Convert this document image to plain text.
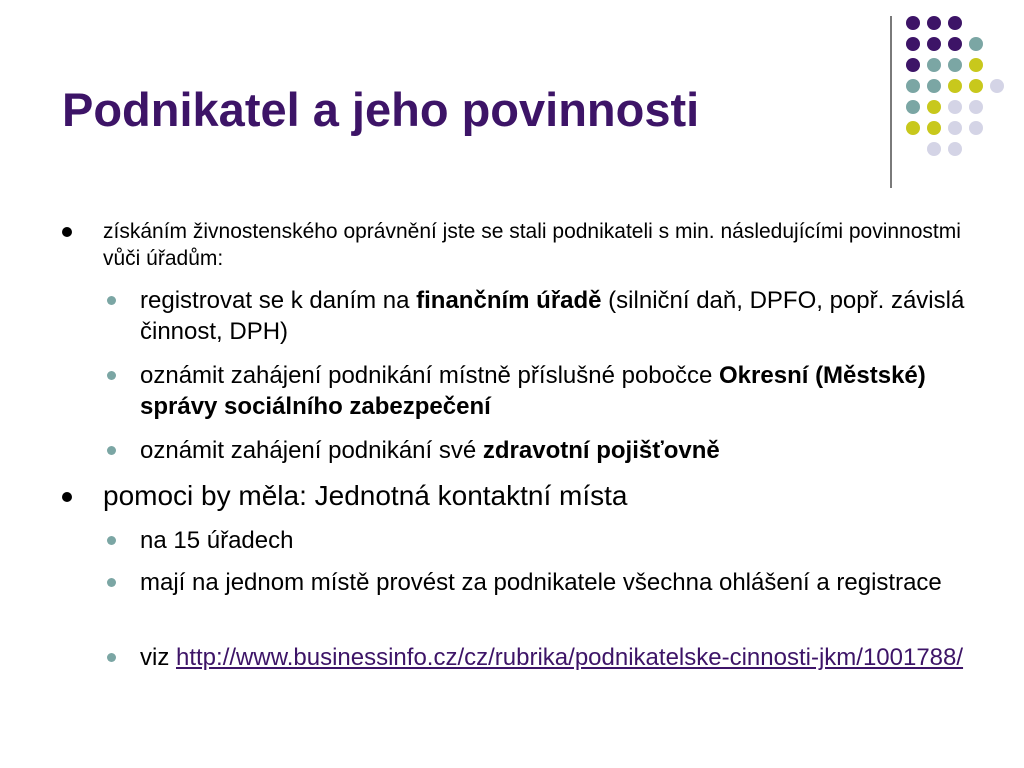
Podnikatel a jeho povinnosti
získáním živnostenského oprávnění jste se stali podnikateli s min. následujícími povinnostmi vůči úřadům:
registrovat se k daním na finančním úřadě (silniční daň, DPFO, popř. závislá činnost, DPH)
oznámit zahájení podnikání místně příslušné pobočce Okresní (Městské) správy sociálního zabezpečení
oznámit zahájení podnikání své zdravotní pojišťovně
pomoci by měla: Jednotná kontaktní místa
na 15 úřadech
mají na jednom místě provést za podnikatele všechna ohlášení a registrace
viz http://www.businessinfo.cz/cz/rubrika/podnikatelske-cinnosti-jkm/1001788/
